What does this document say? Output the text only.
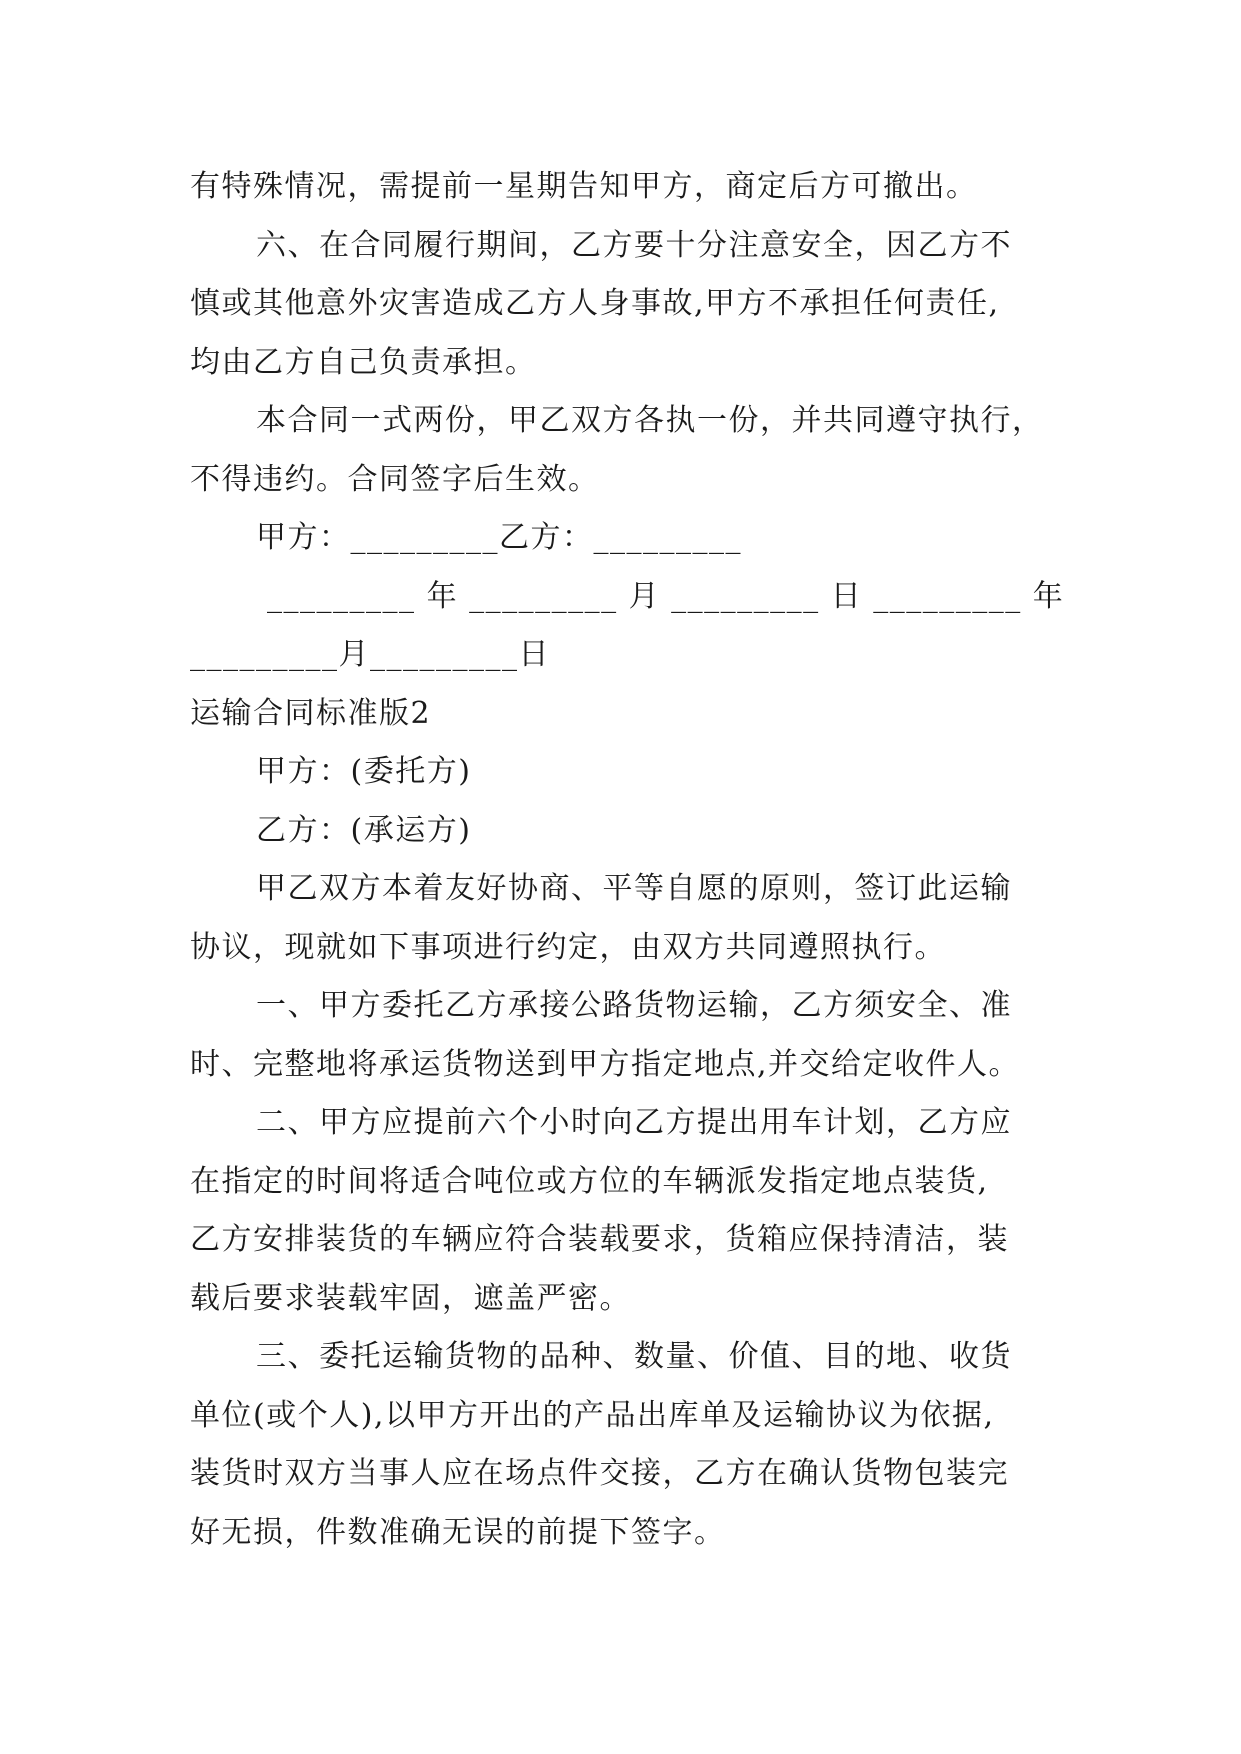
有特殊情况，需提前一星期告知甲方，商定后方可撤出。
六、在合同履行期间，乙方要十分注意安全，因乙方不
慎或其他意外灾害造成乙方人身事故,甲方不承担任何责任,
均由乙方自己负责承担。
本合同一式两份，甲乙双方各执一份，并共同遵守执行，
不得违约。合同签字后生效。
甲方：_________乙方：_________
_________ 年 _________ 月 _________ 日 _________ 年
_________月_________日
运输合同标准版2
甲方：(委托方)
乙方：(承运方)
甲乙双方本着友好协商、平等自愿的原则，签订此运输
协议，现就如下事项进行约定，由双方共同遵照执行。
一、甲方委托乙方承接公路货物运输，乙方须安全、准
时、完整地将承运货物送到甲方指定地点,并交给定收件人。
二、甲方应提前六个小时向乙方提出用车计划，乙方应
在指定的时间将适合吨位或方位的车辆派发指定地点装货,
乙方安排装货的车辆应符合装载要求，货箱应保持清洁，装
载后要求装载牢固，遮盖严密。
三、委托运输货物的品种、数量、价值、目的地、收货
单位(或个人),以甲方开出的产品出库单及运输协议为依据,
装货时双方当事人应在场点件交接，乙方在确认货物包装完
好无损，件数准确无误的前提下签字。
